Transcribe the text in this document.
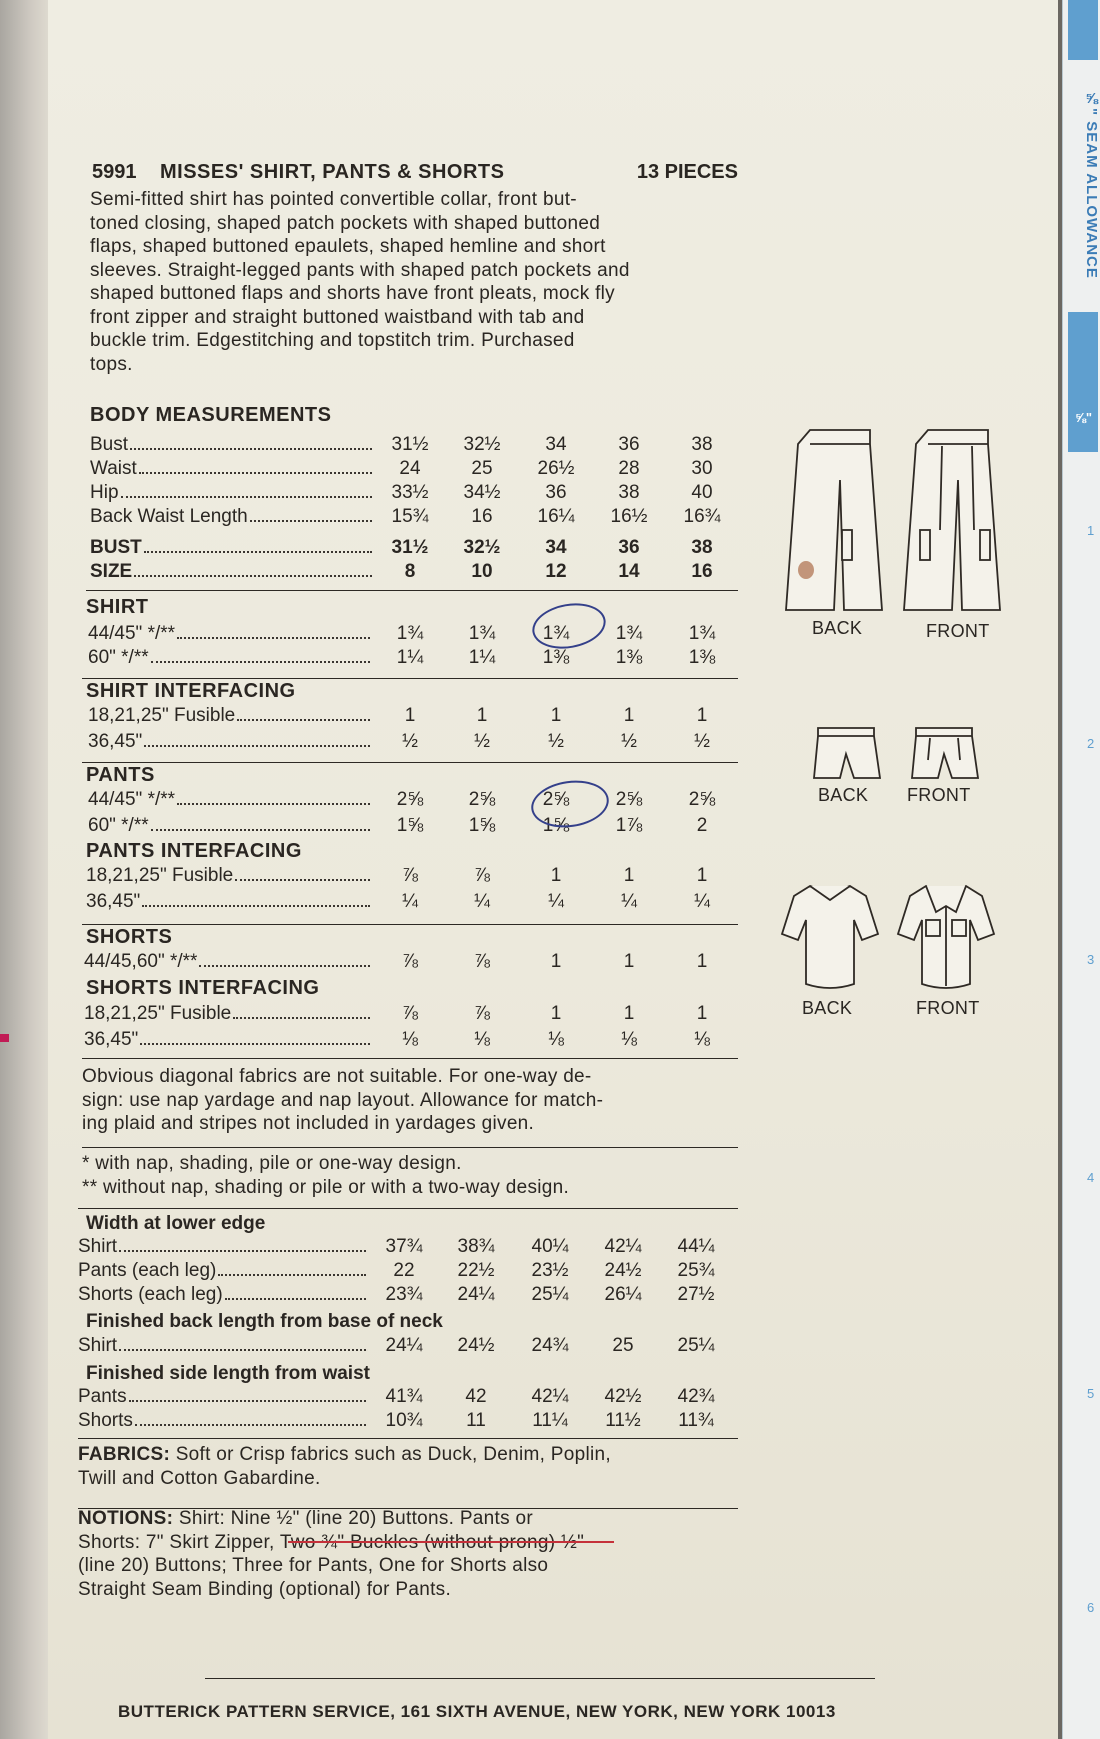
⅝" SEAM ALLOWANCE
⅝"
1
2
3
4
5
6
5991 MISSES' SHIRT, PANTS & SHORTS	13 PIECES
Semi-fitted shirt has pointed convertible collar, front but-
toned closing, shaped patch pockets with shaped buttoned
flaps, shaped buttoned epaulets, shaped hemline and short
sleeves. Straight-legged pants with shaped patch pockets and
shaped buttoned flaps and shorts have front pleats, mock fly
front zipper and straight buttoned waistband with tab and
buckle trim. Edgestitching and topstitch trim. Purchased
tops.
BODY MEASUREMENTS
Bust	31½	32½	34	36	38
Waist	24	25	26½	28	30
Hip	33½	34½	36	38	40
Back Waist Length	15¾	16	16¼	16½	16¾
BUST	31½	32½	34	36	38
SIZE	8	10	12	14	16
SHIRT
44/45" */**	1¾	1¾	1¾	1¾	1¾
60" */**	1¼	1¼	1⅜	1⅜	1⅜
SHIRT INTERFACING
18,21,25" Fusible	1	1	1	1	1
36,45"	½	½	½	½	½
PANTS
44/45" */**	2⅝	2⅝	2⅝	2⅝	2⅝
60" */**	1⅝	1⅝	1⅝	1⅞	2
PANTS INTERFACING
18,21,25" Fusible	⅞	⅞	1	1	1
36,45"	¼	¼	¼	¼	¼
SHORTS
44/45,60" */**	⅞	⅞	1	1	1
SHORTS INTERFACING
18,21,25" Fusible	⅞	⅞	1	1	1
36,45"	⅛	⅛	⅛	⅛	⅛
Width at lower edge
Shirt	37¾	38¾	40¼	42¼	44¼
Pants (each leg)	22	22½	23½	24½	25¾
Shorts (each leg)	23¾	24¼	25¼	26¼	27½
Finished back length from base of neck
Shirt	24¼	24½	24¾	25	25¼
Finished side length from waist
Pants	41¾	42	42¼	42½	42¾
Shorts	10¾	11	11¼	11½	11¾
Obvious diagonal fabrics are not suitable. For one-way de-
sign: use nap yardage and nap layout. Allowance for match-
ing plaid and stripes not included in yardages given.
* with nap, shading, pile or one-way design.
** without nap, shading or pile or with a two-way design.
FABRICS: Soft or Crisp fabrics such as Duck, Denim, Poplin,
Twill and Cotton Gabardine.
NOTIONS: Shirt: Nine ½" (line 20) Buttons. Pants or
Shorts: 7" Skirt Zipper, Two ¾" Buckles (without prong) ½"
(line 20) Buttons; Three for Pants, One for Shorts also
Straight Seam Binding (optional) for Pants.
BACK	FRONT
BACK FRONT
BACK	FRONT
BUTTERICK PATTERN SERVICE, 161 SIXTH AVENUE, NEW YORK, NEW YORK 10013
